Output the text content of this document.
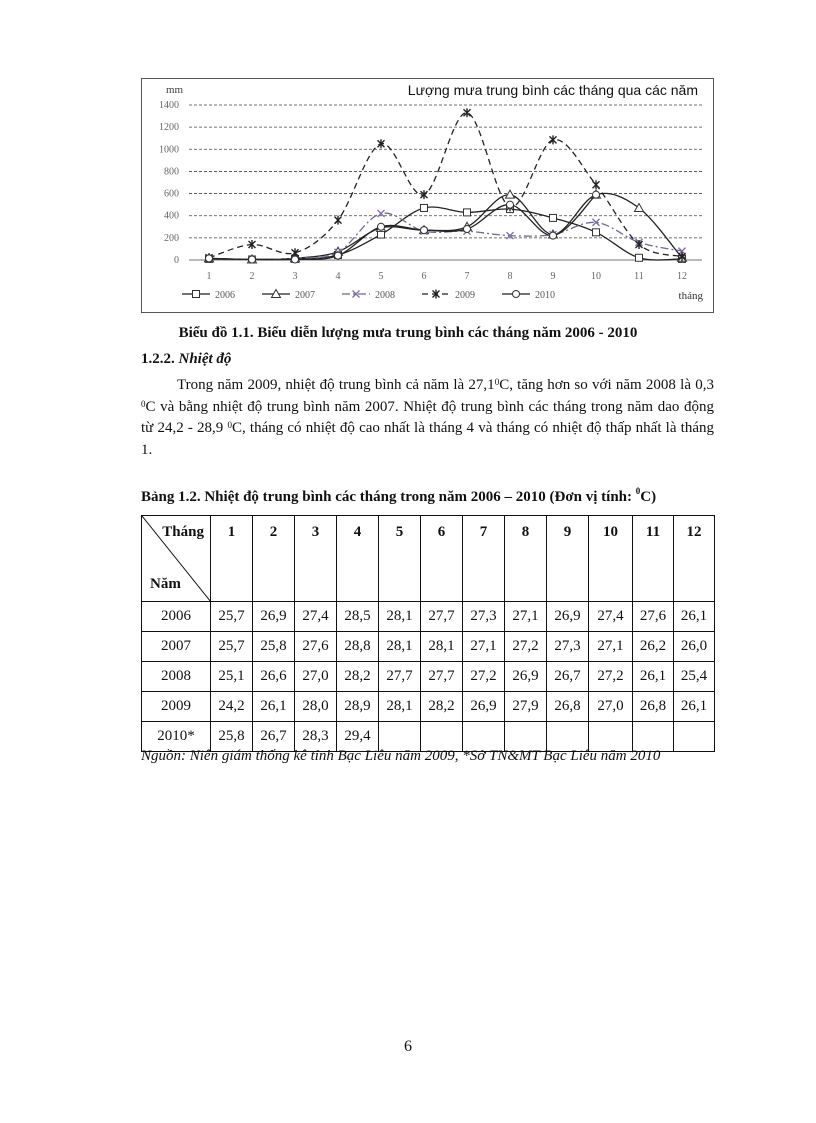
Lượng mưa trung bình các tháng qua các năm
mm
0
200
400
600
800
1000
1200
1400
1	2	3	4	5	6	7	8	9	10	11	12
tháng
2006	2007	2008	2009	2010
Biểu đồ 1.1. Biểu diễn lượng mưa trung bình các tháng năm 2006 - 2010
1.2.2. Nhiệt độ
Trong năm 2009, nhiệt độ trung bình cả năm là 27,1$^0$C, tăng hơn so với năm 2008 là 0,3 $^0$C và bằng nhiệt độ trung bình năm 2007. Nhiệt độ trung bình các tháng trong năm dao động từ 24,2 - 28,9 $^0$C, tháng có nhiệt độ cao nhất là tháng 4 và tháng có nhiệt độ thấp nhất là tháng 1.
Bảng 1.2. Nhiệt độ trung bình các tháng trong năm 2006 – 2010 (Đơn vị tính: $^0$C)
Tháng
Năm	1	2	3	4	5	6	7	8	9	10	11	12
2006	25,7	26,9	27,4	28,5	28,1	27,7	27,3	27,1	26,9	27,4	27,6	26,1
2007	25,7	25,8	27,6	28,8	28,1	28,1	27,1	27,2	27,3	27,1	26,2	26,0
2008	25,1	26,6	27,0	28,2	27,7	27,7	27,2	26,9	26,7	27,2	26,1	25,4
2009	24,2	26,1	28,0	28,9	28,1	28,2	26,9	27,9	26,8	27,0	26,8	26,1
2010*	25,8	26,7	28,3	29,4								
Nguồn: Niên giám thống kê tỉnh Bạc Liêu năm 2009, *Sở TN&MT Bạc Liêu năm 2010
6
